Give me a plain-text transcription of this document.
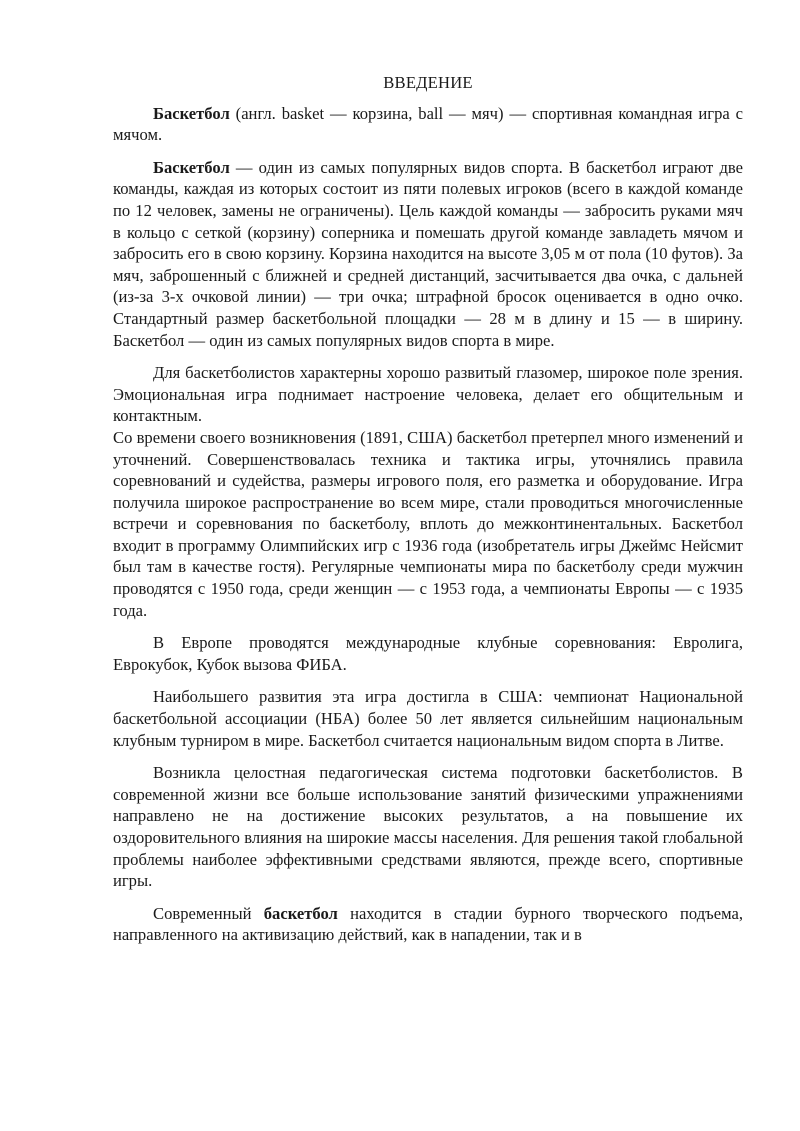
ВВЕДЕНИЕ

Баскетбол (англ. basket — корзина, ball — мяч) — спортивная командная игра с мячом.

Баскетбол — один из самых популярных видов спорта. В баскетбол играют две команды, каждая из которых состоит из пяти полевых игроков (всего в каждой команде по 12 человек, замены не ограничены). Цель каждой команды — забросить руками мяч в кольцо с сеткой (корзину) соперника и помешать другой команде завладеть мячом и забросить его в свою корзину. Корзина находится на высоте 3,05 м от пола (10 футов). За мяч, заброшенный с ближней и средней дистанций, засчитывается два очка, с дальней (из-за 3-х очковой линии) — три очка; штрафной бросок оценивается в одно очко. Стандартный размер баскетбольной площадки — 28 м в длину и 15 — в ширину. Баскетбол — один из самых популярных видов спорта в мире.

Для баскетболистов характерны хорошо развитый глазомер, широкое поле зрения. Эмоциональная игра поднимает настроение человека, делает его общительным и контактным.
Со времени своего возникновения (1891, США) баскетбол претерпел много изменений и уточнений. Совершенствовалась техника и тактика игры, уточнялись правила соревнований и судейства, размеры игрового поля, его разметка и оборудование. Игра получила широкое распространение во всем мире, стали проводиться многочисленные встречи и соревнования по баскетболу, вплоть до межконтинентальных. Баскетбол входит в программу Олимпийских игр с 1936 года (изобретатель игры Джеймс Нейсмит был там в качестве гостя). Регулярные чемпионаты мира по баскетболу среди мужчин проводятся с 1950 года, среди женщин — с 1953 года, а чемпионаты Европы — с 1935 года.

В Европе проводятся международные клубные соревнования: Евролига, Еврокубок, Кубок вызова ФИБА.

Наибольшего развития эта игра достигла в США: чемпионат Национальной баскетбольной ассоциации (НБА) более 50 лет является сильнейшим национальным клубным турниром в мире. Баскетбол считается национальным видом спорта в Литве.

Возникла целостная педагогическая система подготовки баскетболистов. В современной жизни все больше использование занятий физическими упражнениями направлено не на достижение высоких результатов, а на повышение их оздоровительного влияния на широкие массы населения. Для решения такой глобальной проблемы наиболее эффективными средствами являются, прежде всего, спортивные игры.

Современный баскетбол находится в стадии бурного творческого подъема, направленного на активизацию действий, как в нападении, так и в
